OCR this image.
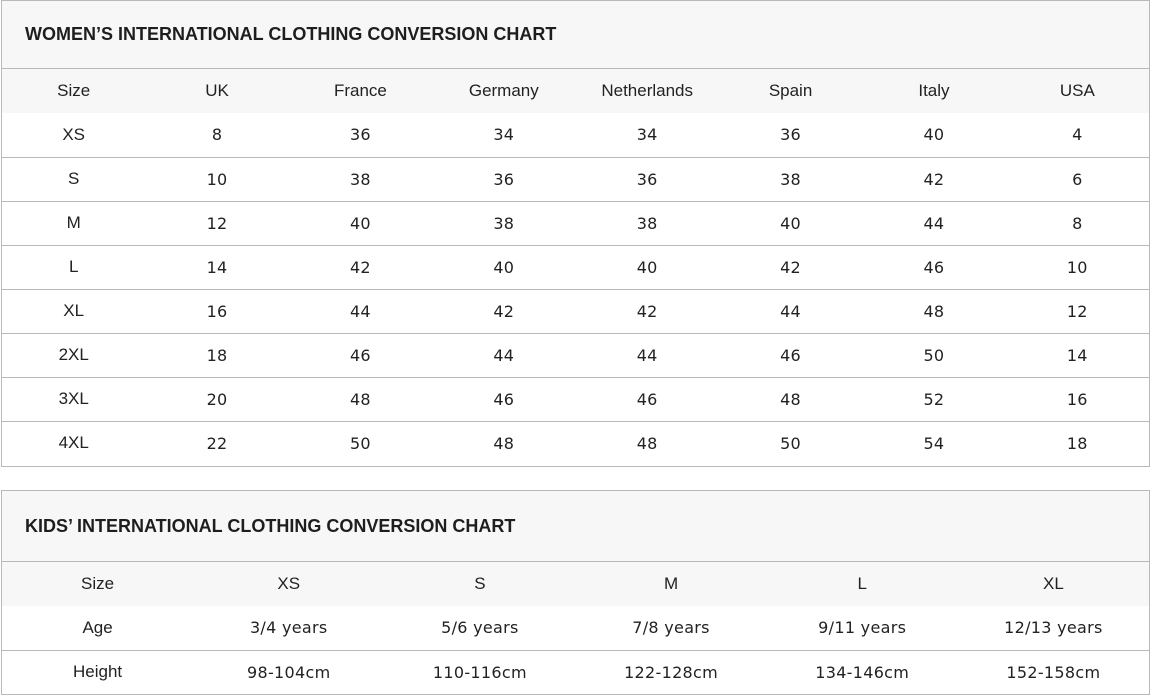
WOMEN’S INTERNATIONAL CLOTHING CONVERSION CHART
Size	UK	France	Germany	Netherlands	Spain	Italy	USA
XS	8	36	34	34	36	40	4
S	10	38	36	36	38	42	6
M	12	40	38	38	40	44	8
L	14	42	40	40	42	46	10
XL	16	44	42	42	44	48	12
2XL	18	46	44	44	46	50	14
3XL	20	48	46	46	48	52	16
4XL	22	50	48	48	50	54	18
KIDS’ INTERNATIONAL CLOTHING CONVERSION CHART
Size	XS	S	M	L	XL
Age	3/4 years	5/6 years	7/8 years	9/11 years	12/13 years
Height	98-104cm	110-116cm	122-128cm	134-146cm	152-158cm
